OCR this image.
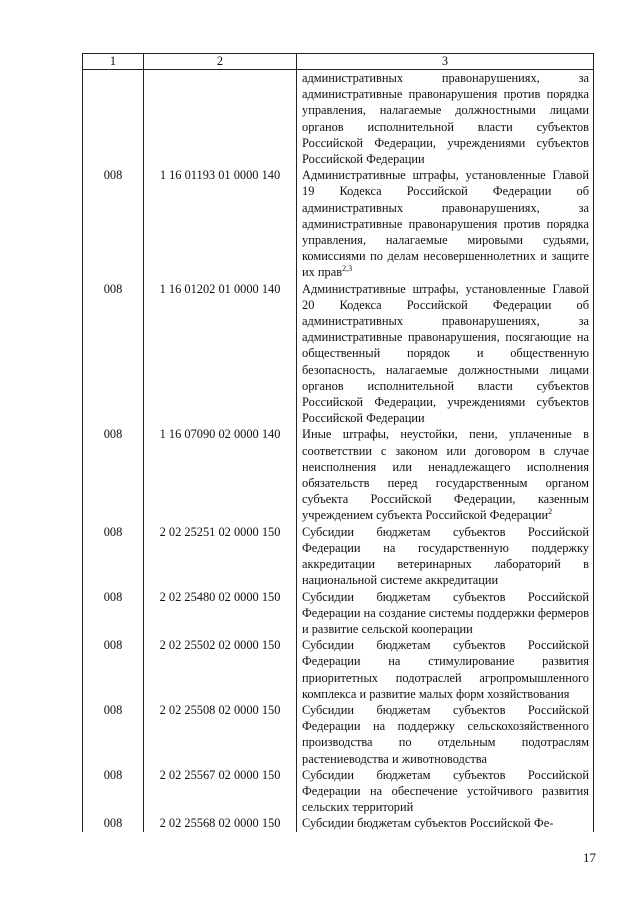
1	2	3

		административных правонарушениях, за административные правонарушения против порядка управления, налагаемые должностными лицами органов исполнительной власти субъектов Российской Федерации, учреждениями субъектов Российской Федерации

008	1 16 01193 01 0000 140	Административные штрафы, установленные Главой 19 Кодекса Российской Федерации об административных правонарушениях, за административные правонарушения против порядка управления, налагаемые мировыми судьями, комиссиями по делам несовершеннолетних и защите их прав$^{2,3}$

008	1 16 01202 01 0000 140	Административные штрафы, установленные Главой 20 Кодекса Российской Федерации об административных правонарушениях, за административные правонарушения, посягающие на общественный порядок и общественную безопасность, налагаемые должностными лицами органов исполнительной власти субъектов Российской Федерации, учреждениями субъектов Российской Федерации

008	1 16 07090 02 0000 140	Иные штрафы, неустойки, пени, уплаченные в соответствии с законом или договором в случае неисполнения или ненадлежащего исполнения обязательств перед государственным органом субъекта Российской Федерации, казенным учреждением субъекта Российской Федерации$^2$

008	2 02 25251 02 0000 150	Субсидии бюджетам субъектов Российской Федерации на государственную поддержку аккредитации ветеринарных лабораторий в национальной системе аккредитации

008	2 02 25480 02 0000 150	Субсидии бюджетам субъектов Российской Федерации на создание системы поддержки фермеров и развитие сельской кооперации

008	2 02 25502 02 0000 150	Субсидии бюджетам субъектов Российской Федерации на стимулирование развития приоритетных подотраслей агропромышленного комплекса и развитие малых форм хозяйствования

008	2 02 25508 02 0000 150	Субсидии бюджетам субъектов Российской Федерации на поддержку сельскохозяйственного производства по отдельным подотраслям растениеводства и животноводства

008	2 02 25567 02 0000 150	Субсидии бюджетам субъектов Российской Федерации на обеспечение устойчивого развития сельских территорий

008	2 02 25568 02 0000 150	Субсидии бюджетам субъектов Российской Фе-
17
